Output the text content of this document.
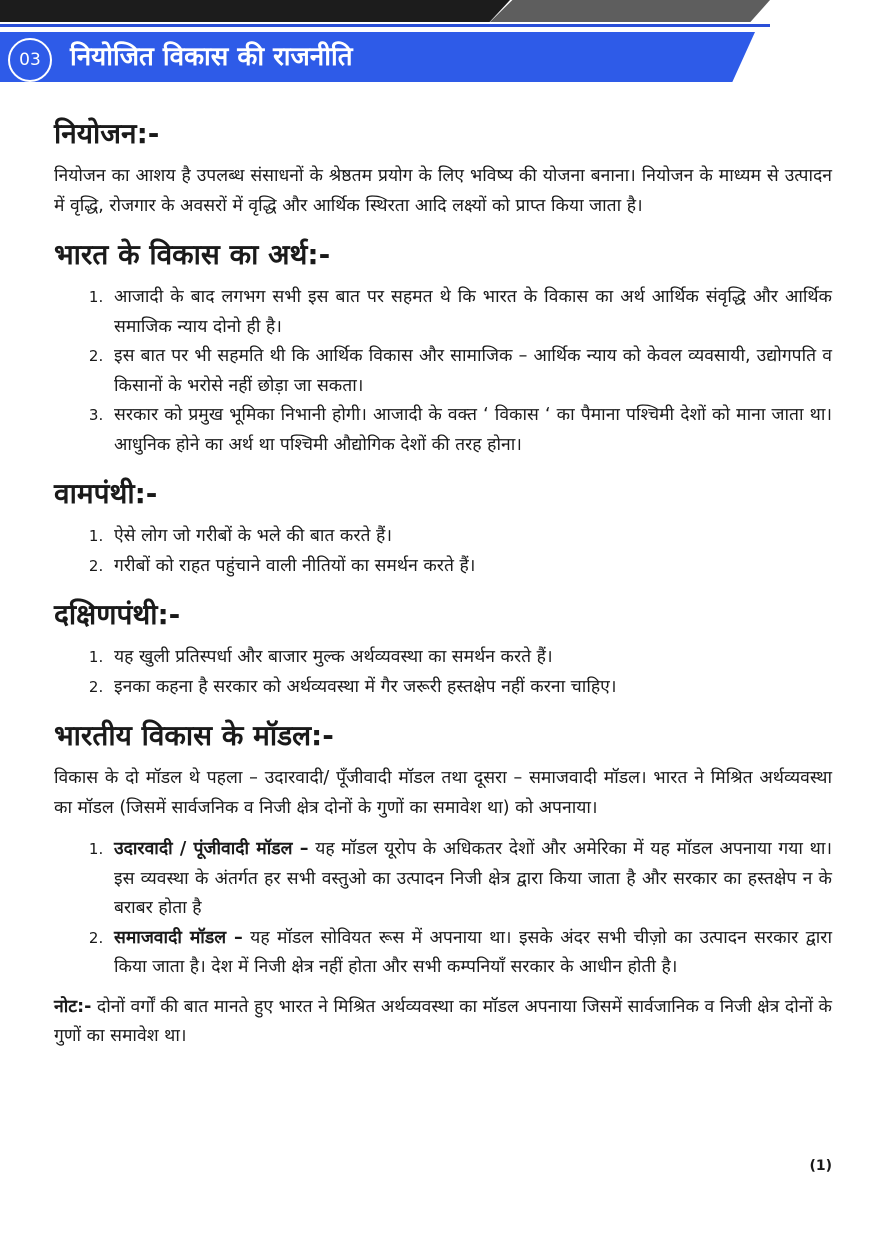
03	नियोजित विकास की राजनीति
नियोजन:-

नियोजन का आशय है उपलब्ध संसाधनों के श्रेष्ठतम प्रयोग के लिए भविष्य की योजना बनाना। नियोजन के माध्यम से उत्पादन में वृद्धि, रोजगार के अवसरों में वृद्धि और आर्थिक स्थिरता आदि लक्ष्यों को प्राप्त किया जाता है।

भारत के विकास का अर्थ:-
1. आजादी के बाद लगभग सभी इस बात पर सहमत थे कि भारत के विकास का अर्थ आर्थिक संवृद्धि और आर्थिक समाजिक न्याय दोनो ही है।
2. इस बात पर भी सहमति थी कि आर्थिक विकास और सामाजिक – आर्थिक न्याय को केवल व्यवसायी, उद्योगपति व किसानों के भरोसे नहीं छोड़ा जा सकता।
3. सरकार को प्रमुख भूमिका निभानी होगी। आजादी के वक्त ‘ विकास ‘ का पैमाना पश्चिमी देशों को माना जाता था। आधुनिक होने का अर्थ था पश्चिमी औद्योगिक देशों की तरह होना।
वामपंथी:-
1. ऐसे लोग जो गरीबों के भले की बात करते हैं।
2. गरीबों को राहत पहुंचाने वाली नीतियों का समर्थन करते हैं।
दक्षिणपंथी:-
1. यह खुली प्रतिस्पर्धा और बाजार मुल्क अर्थव्यवस्था का समर्थन करते हैं।
2. इनका कहना है सरकार को अर्थव्यवस्था में गैर जरूरी हस्तक्षेप नहीं करना चाहिए।
भारतीय विकास के मॉडल:-

विकास के दो मॉडल थे पहला – उदारवादी/ पूँजीवादी मॉडल तथा दूसरा – समाजवादी मॉडल। भारत ने मिश्रित अर्थव्यवस्था का मॉडल (जिसमें सार्वजनिक व निजी क्षेत्र दोनों के गुणों का समावेश था) को अपनाया।

1. उदारवादी / पूंजीवादी मॉडल – यह मॉडल यूरोप के अधिकतर देशों और अमेरिका में यह मॉडल अपनाया गया था। इस व्यवस्था के अंतर्गत हर सभी वस्तुओ का उत्पादन निजी क्षेत्र द्वारा किया जाता है और सरकार का हस्तक्षेप न के बराबर होता है
2. समाजवादी मॉडल – यह मॉडल सोवियत रूस में अपनाया था। इसके अंदर सभी चीज़ो का उत्पादन सरकार द्वारा किया जाता है। देश में निजी क्षेत्र नहीं होता और सभी कम्पनियाँ सरकार के आधीन होती है।

नोट:- दोनों वर्गों की बात मानते हुए भारत ने मिश्रित अर्थव्यवस्था का मॉडल अपनाया जिसमें सार्वजानिक व निजी क्षेत्र दोनों के गुणों का समावेश था।

(1)
